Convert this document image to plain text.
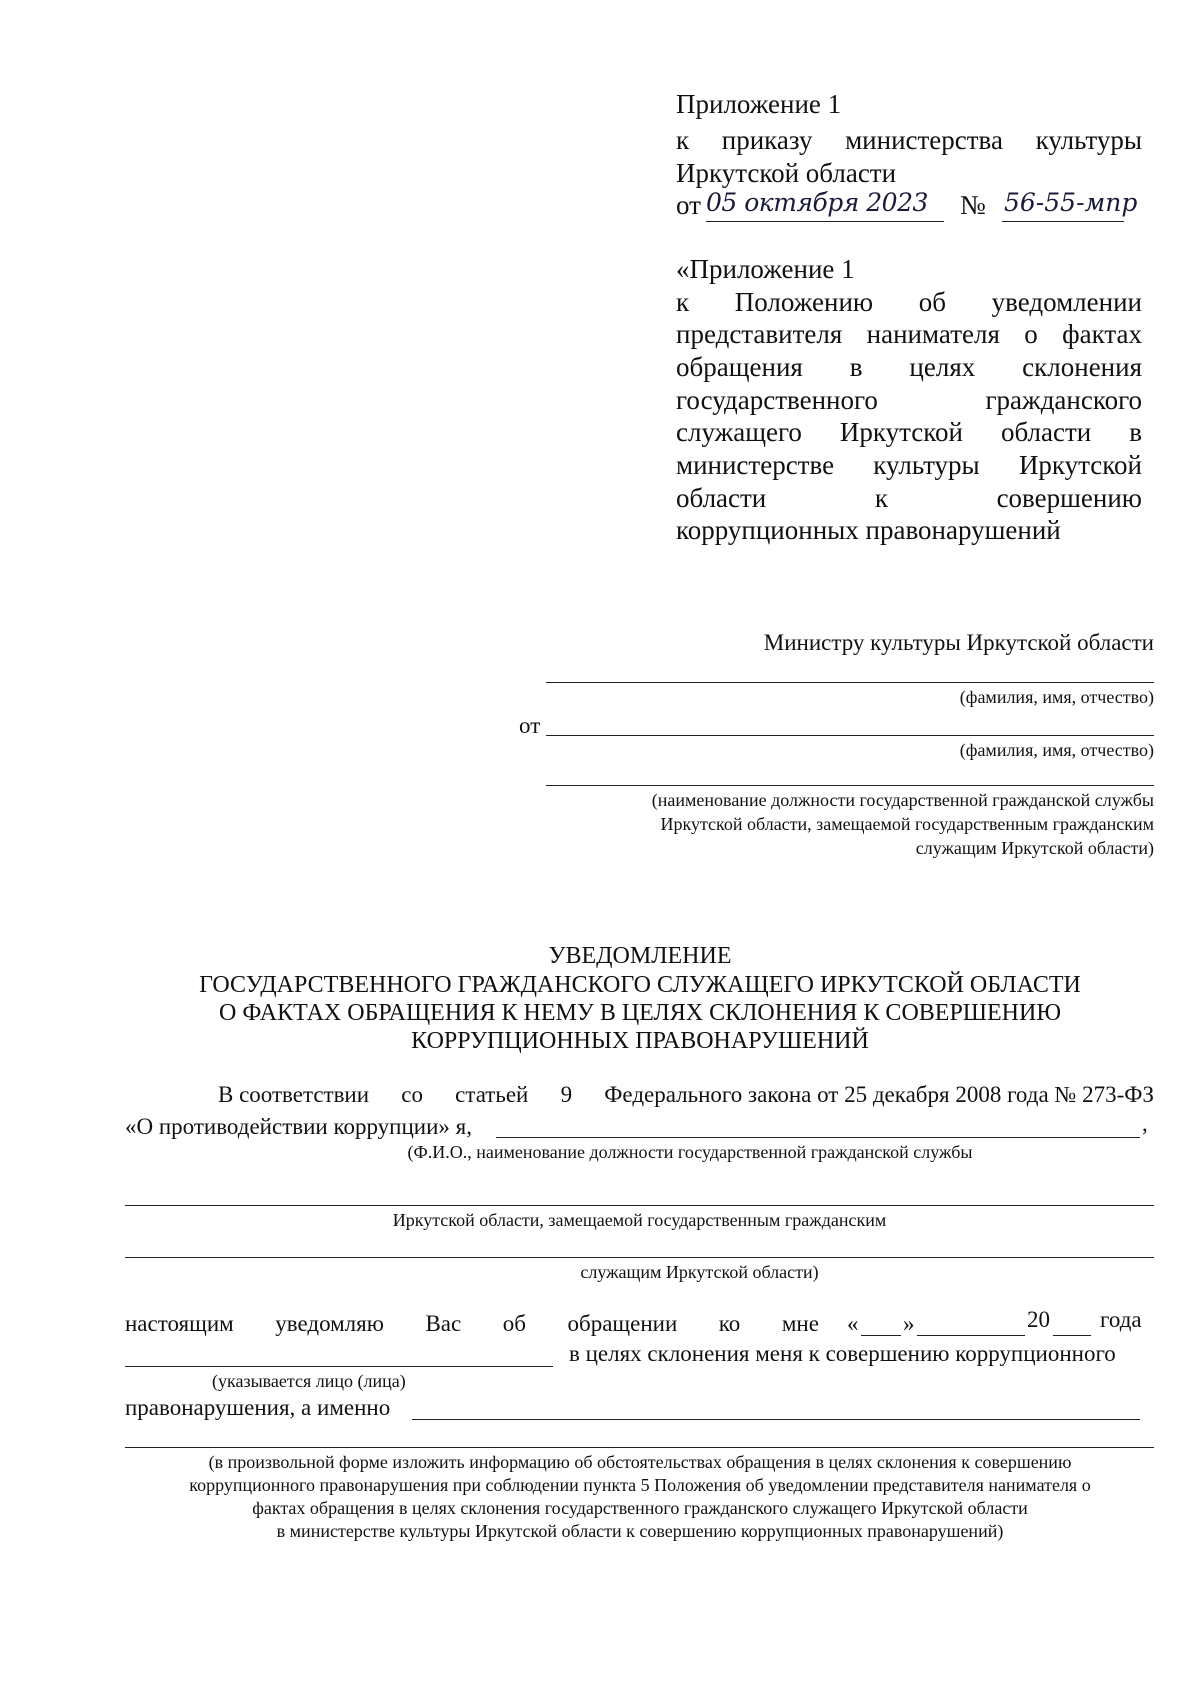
Приложение 1
к приказу министерства культуры
Иркутской области
от 05 октября 2023 № 56-55-мпр
«Приложение 1
к Положению об уведомлении
представителя нанимателя о фактах
обращения в целях склонения
государственного	гражданского
служащего Иркутской области в
министерстве культуры Иркутской
области	к	совершению
коррупционных правонарушений
Министру культуры Иркутской области
(фамилия, имя, отчество)
от
(фамилия, имя, отчество)
(наименование должности государственной гражданской службы
Иркутской области, замещаемой государственным гражданским
служащим Иркутской области)
УВЕДОМЛЕНИЕ
ГОСУДАРСТВЕННОГО ГРАЖДАНСКОГО СЛУЖАЩЕГО ИРКУТСКОЙ ОБЛАСТИ
О ФАКТАХ ОБРАЩЕНИЯ К НЕМУ В ЦЕЛЯХ СКЛОНЕНИЯ К СОВЕРШЕНИЮ
КОРРУПЦИОННЫХ ПРАВОНАРУШЕНИЙ
В соответствии со статьей 9 Федерального закона от 25 декабря 2008 года № 273-ФЗ
«О противодействии коррупции» я,	,
(Ф.И.О., наименование должности государственной гражданской службы
Иркутской области, замещаемой государственным гражданским
служащим Иркутской области)
настоящим уведомляю Вас об обращении ко мне « »	20 года
в целях склонения меня к совершению коррупционного
(указывается лицо (лица)
правонарушения, а именно
(в произвольной форме изложить информацию об обстоятельствах обращения в целях склонения к совершению
коррупционного правонарушения при соблюдении пункта 5 Положения об уведомлении представителя нанимателя о
фактах обращения в целях склонения государственного гражданского служащего Иркутской области
в министерстве культуры Иркутской области к совершению коррупционных правонарушений)
